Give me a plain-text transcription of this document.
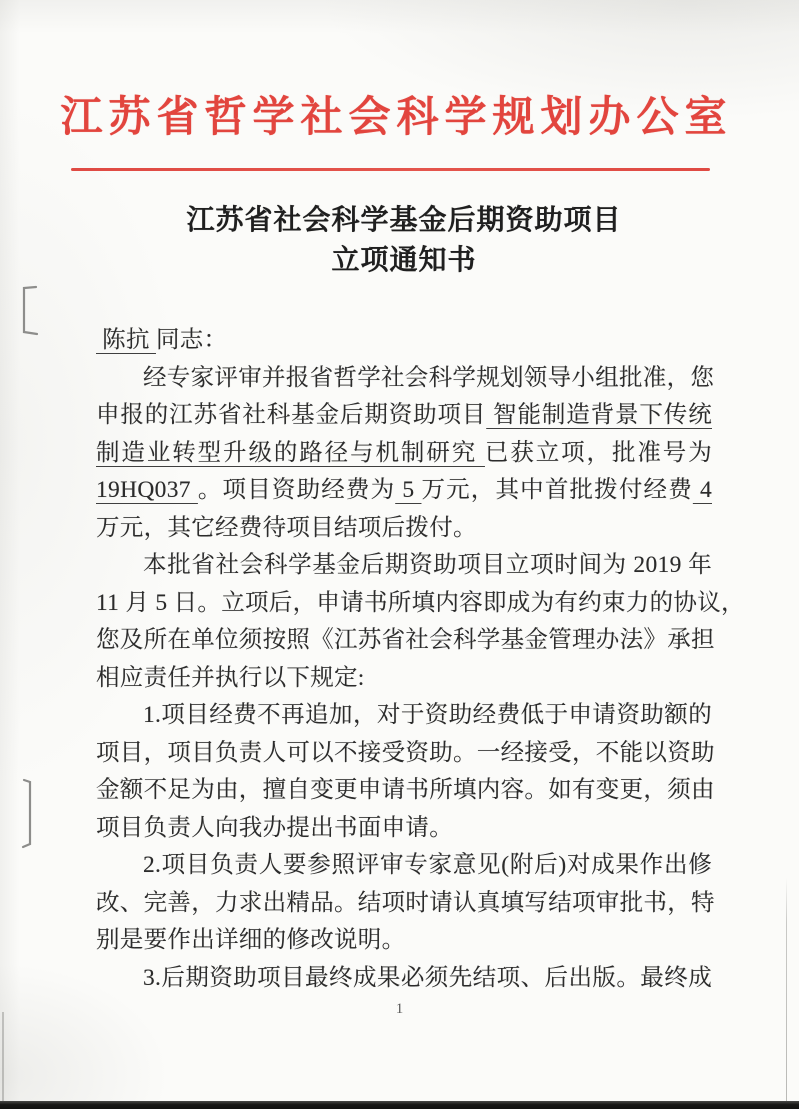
江苏省哲学社会科学规划办公室
江苏省社会科学基金后期资助项目
立项通知书
陈抗 同志：
经专家评审并报省哲学社会科学规划领导小组批准，您
申报的江苏省社科基金后期资助项目 智能制造背景下传统
制造业转型升级的路径与机制研究 已获立项，批准号为
19HQ037 。项目资助经费为 5 万元，其中首批拨付经费 4
万元，其它经费待项目结项后拨付。
本批省社会科学基金后期资助项目立项时间为 2019 年
11 月 5 日。立项后，申请书所填内容即成为有约束力的协议，
您及所在单位须按照《江苏省社会科学基金管理办法》承担
相应责任并执行以下规定:
1.项目经费不再追加，对于资助经费低于申请资助额的
项目，项目负责人可以不接受资助。一经接受，不能以资助
金额不足为由，擅自变更申请书所填内容。如有变更，须由
项目负责人向我办提出书面申请。
2.项目负责人要参照评审专家意见(附后)对成果作出修
改、完善，力求出精品。结项时请认真填写结项审批书，特
别是要作出详细的修改说明。
3.后期资助项目最终成果必须先结项、后出版。最终成
1
